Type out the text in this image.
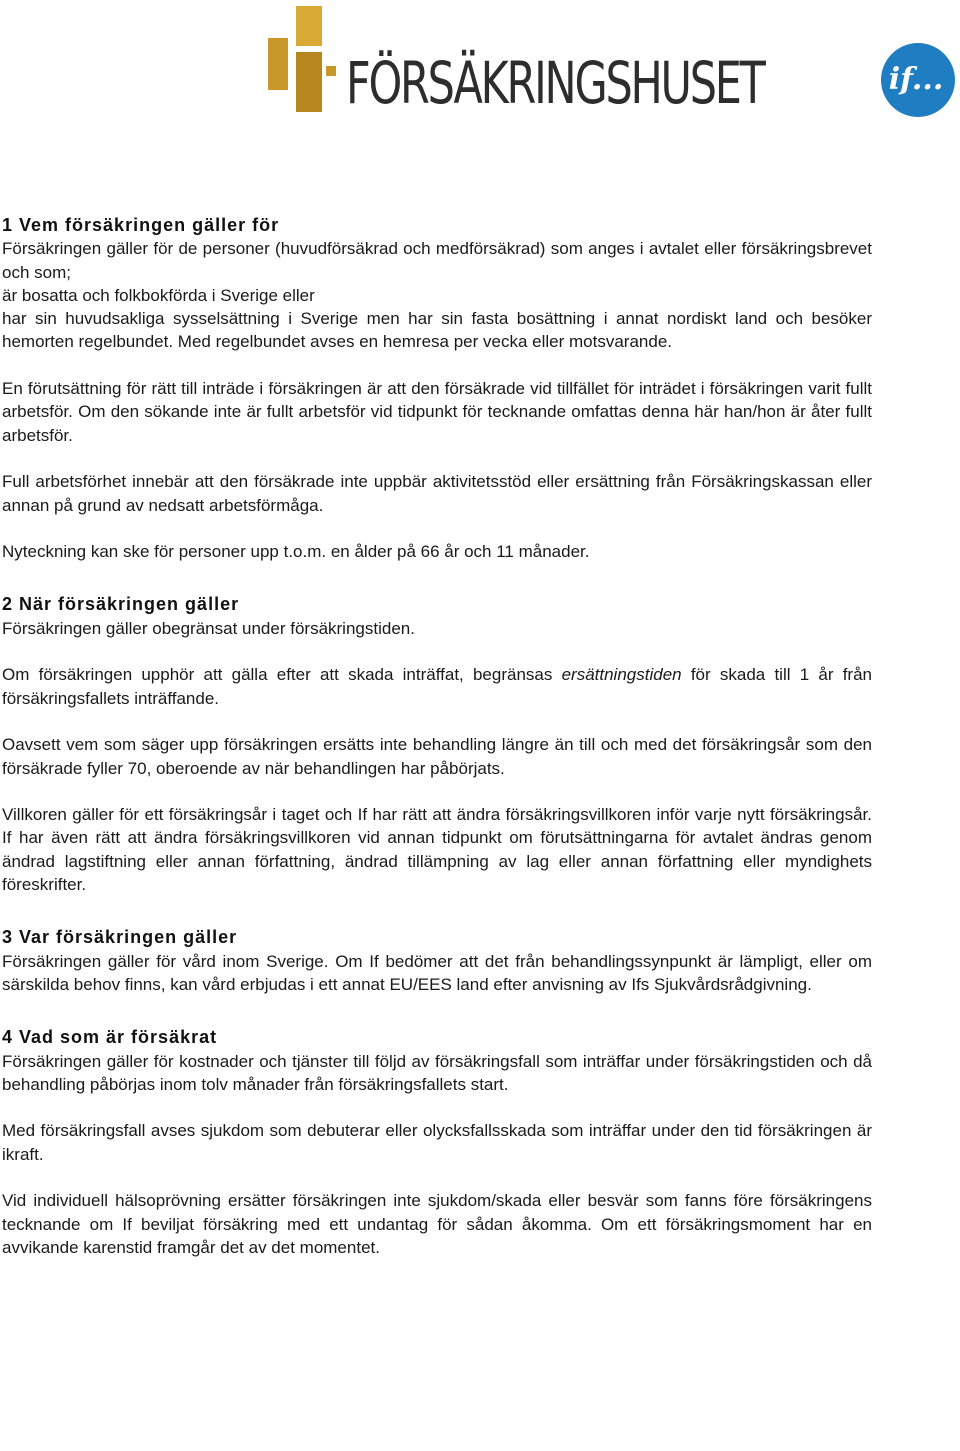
FÖRSÄKRINGSHUSET	if...
1 Vem försäkringen gäller för

Försäkringen gäller för de personer (huvudförsäkrad och medförsäkrad) som anges i avtalet eller försäkringsbrevet och som;
är bosatta och folkbokförda i Sverige eller
har sin huvudsakliga sysselsättning i Sverige men har sin fasta bosättning i annat nordiskt land och besöker hemorten regelbundet. Med regelbundet avses en hemresa per vecka eller motsvarande.

En förutsättning för rätt till inträde i försäkringen är att den försäkrade vid tillfället för inträdet i försäkringen varit fullt arbetsför. Om den sökande inte är fullt arbetsför vid tidpunkt för tecknande omfattas denna här han/hon är åter fullt arbetsför.

Full arbetsförhet innebär att den försäkrade inte uppbär aktivitetsstöd eller ersättning från Försäkringskassan eller annan på grund av nedsatt arbetsförmåga.

Nyteckning kan ske för personer upp t.o.m. en ålder på 66 år och 11 månader.

2 När försäkringen gäller

Försäkringen gäller obegränsat under försäkringstiden.

Om försäkringen upphör att gälla efter att skada inträffat, begränsas ersättningstiden för skada till 1 år från försäkringsfallets inträffande.

Oavsett vem som säger upp försäkringen ersätts inte behandling längre än till och med det försäkringsår som den försäkrade fyller 70, oberoende av när behandlingen har påbörjats.

Villkoren gäller för ett försäkringsår i taget och If har rätt att ändra försäkringsvillkoren inför varje nytt försäkringsår. If har även rätt att ändra försäkringsvillkoren vid annan tidpunkt om förutsättningarna för avtalet ändras genom ändrad lagstiftning eller annan författning, ändrad tillämpning av lag eller annan författning eller myndighets föreskrifter.

3 Var försäkringen gäller

Försäkringen gäller för vård inom Sverige. Om If bedömer att det från behandlingssynpunkt är lämpligt, eller om särskilda behov finns, kan vård erbjudas i ett annat EU/EES land efter anvisning av Ifs Sjukvårdsrådgivning.

4 Vad som är försäkrat

Försäkringen gäller för kostnader och tjänster till följd av försäkringsfall som inträffar under försäkringstiden och då behandling påbörjas inom tolv månader från försäkringsfallets start.

Med försäkringsfall avses sjukdom som debuterar eller olycksfallsskada som inträffar under den tid försäkringen är ikraft.

Vid individuell hälsoprövning ersätter försäkringen inte sjukdom/skada eller besvär som fanns före försäkringens tecknande om If beviljat försäkring med ett undantag för sådan åkomma. Om ett försäkringsmoment har en avvikande karenstid framgår det av det momentet.
